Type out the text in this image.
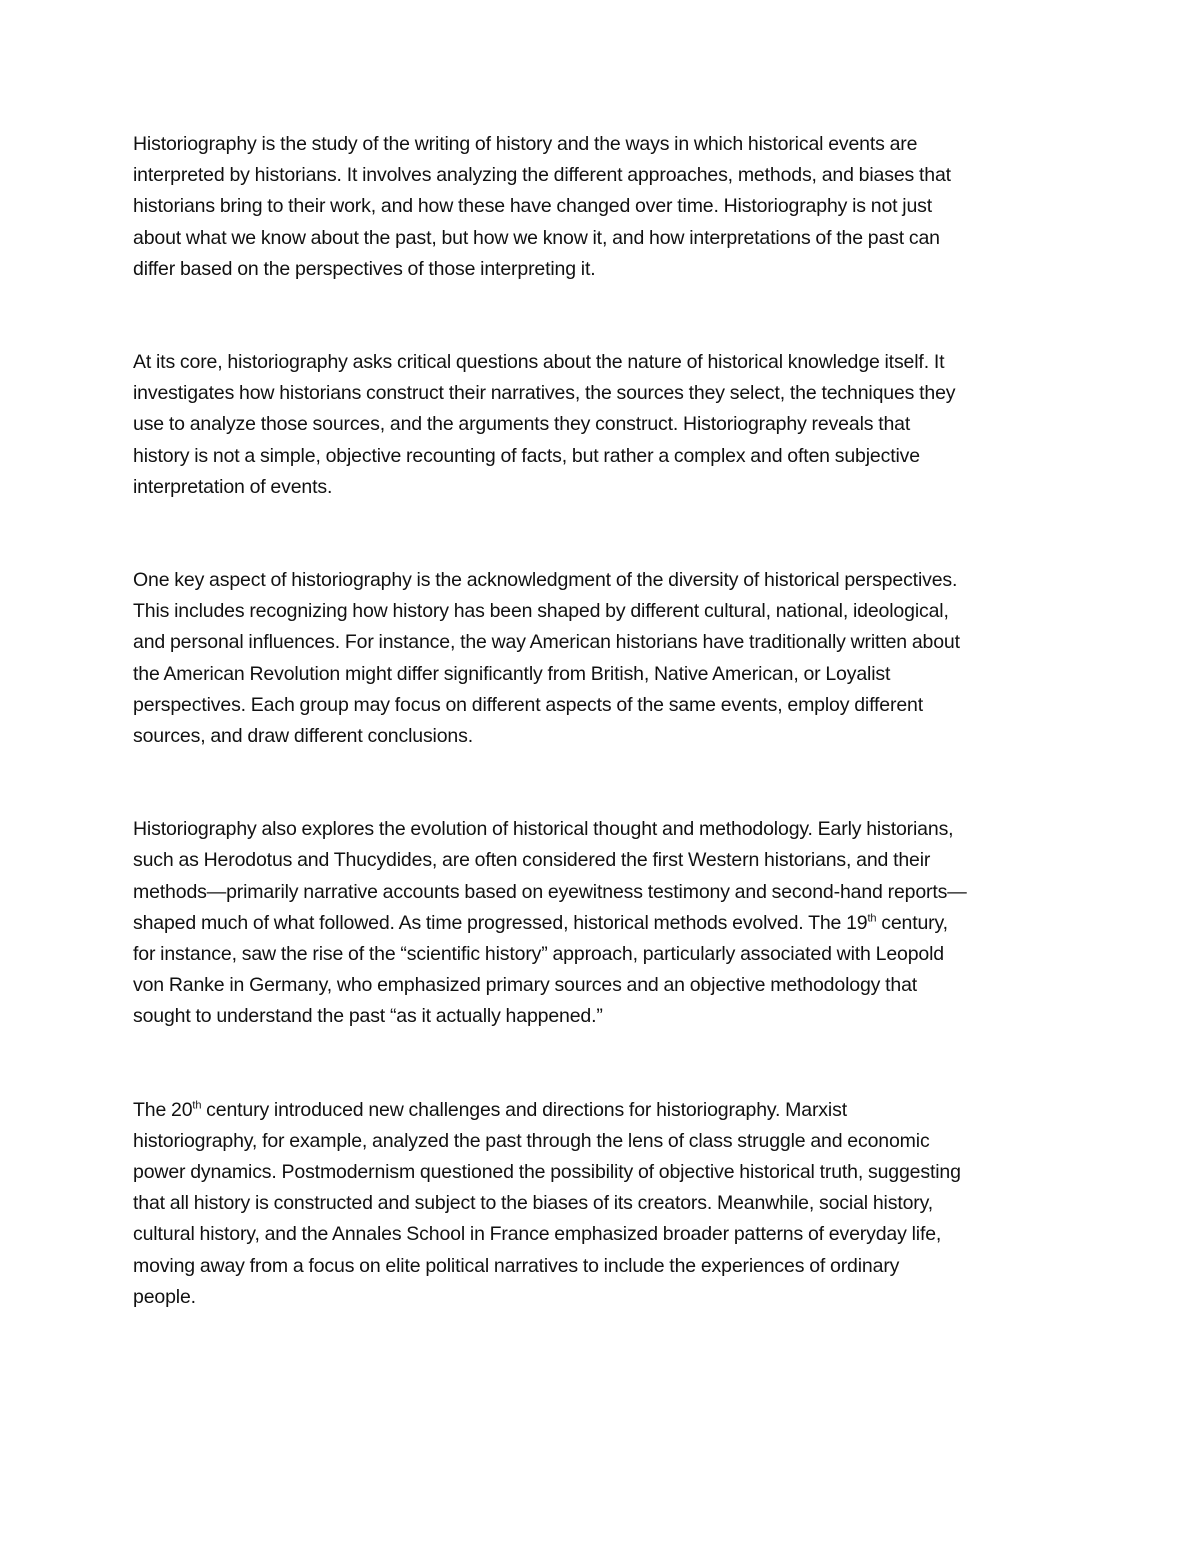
Historiography is the study of the writing of history and the ways in which historical events are interpreted by historians. It involves analyzing the different approaches, methods, and biases that historians bring to their work, and how these have changed over time. Historiography is not just about what we know about the past, but how we know it, and how interpretations of the past can differ based on the perspectives of those interpreting it.

At its core, historiography asks critical questions about the nature of historical knowledge itself. It investigates how historians construct their narratives, the sources they select, the techniques they use to analyze those sources, and the arguments they construct. Historiography reveals that history is not a simple, objective recounting of facts, but rather a complex and often subjective interpretation of events.

One key aspect of historiography is the acknowledgment of the diversity of historical perspectives. This includes recognizing how history has been shaped by different cultural, national, ideological, and personal influences. For instance, the way American historians have traditionally written about the American Revolution might differ significantly from British, Native American, or Loyalist perspectives. Each group may focus on different aspects of the same events, employ different sources, and draw different conclusions.

Historiography also explores the evolution of historical thought and methodology. Early historians, such as Herodotus and Thucydides, are often considered the first Western historians, and their methods—primarily narrative accounts based on eyewitness testimony and second-hand reports—shaped much of what followed. As time progressed, historical methods evolved. The 19th century, for instance, saw the rise of the “scientific history” approach, particularly associated with Leopold von Ranke in Germany, who emphasized primary sources and an objective methodology that sought to understand the past “as it actually happened.”

The 20th century introduced new challenges and directions for historiography. Marxist historiography, for example, analyzed the past through the lens of class struggle and economic power dynamics. Postmodernism questioned the possibility of objective historical truth, suggesting that all history is constructed and subject to the biases of its creators. Meanwhile, social history, cultural history, and the Annales School in France emphasized broader patterns of everyday life, moving away from a focus on elite political narratives to include the experiences of ordinary people.
